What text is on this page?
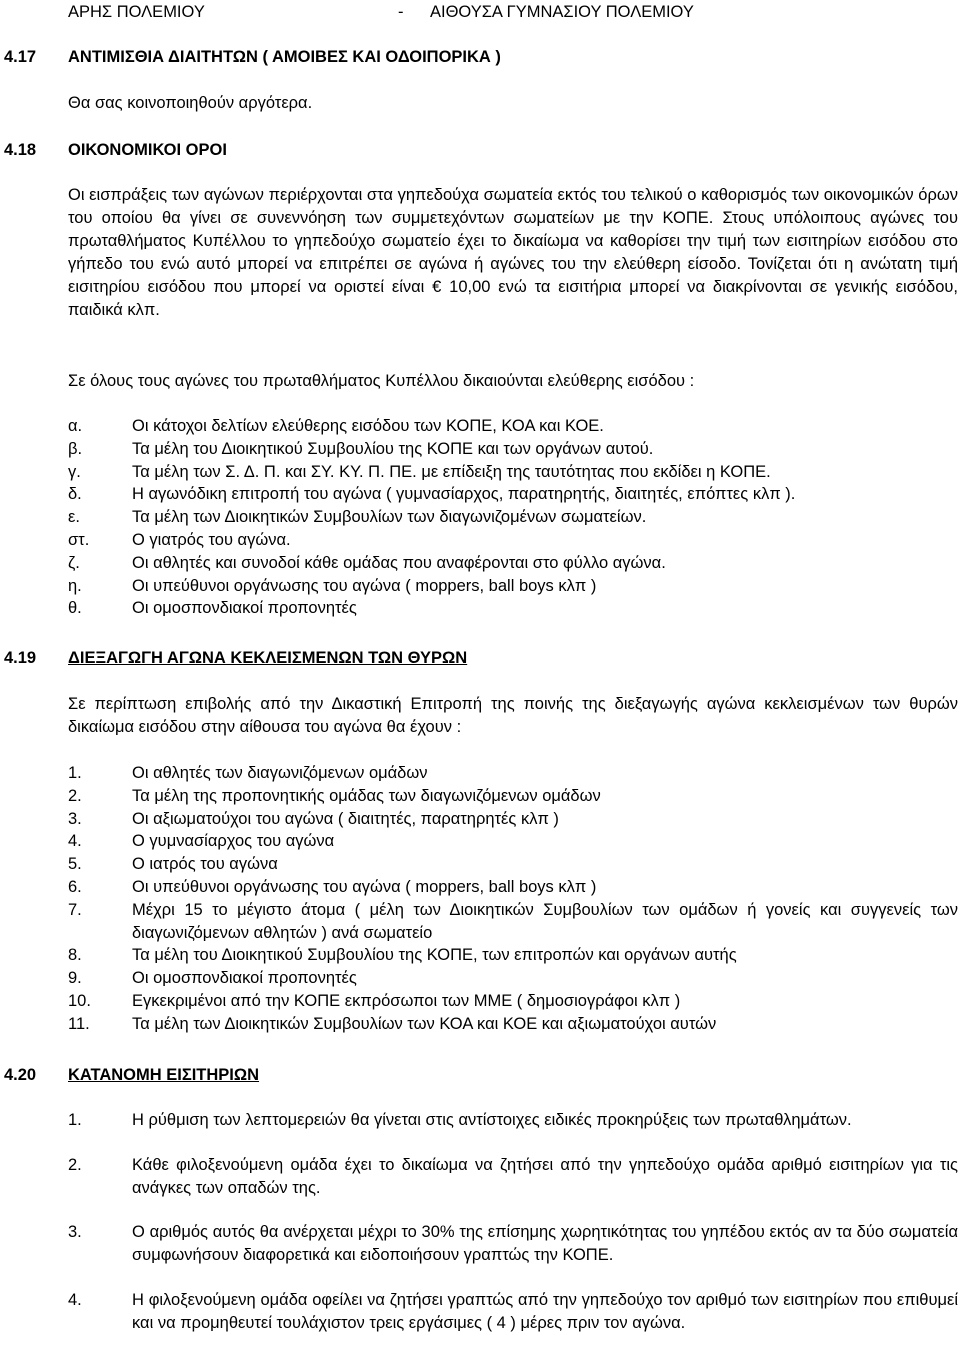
ΑΡΗΣ ΠΟΛΕΜΙΟΥ	- ΑΙΘΟΥΣΑ ΓΥΜΝΑΣΙΟΥ ΠΟΛΕΜΙΟΥ
4.17 ΑΝΤΙΜΙΣΘΙΑ ΔΙΑΙΤΗΤΩΝ ( ΑΜΟΙΒΕΣ ΚΑΙ ΟΔΟΙΠΟΡΙΚΑ )
Θα σας κοινοποιηθούν αργότερα.
4.18 ΟΙΚΟΝΟΜΙΚΟΙ ΟΡΟΙ
Οι εισπράξεις των αγώνων περιέρχονται στα γηπεδούχα σωματεία εκτός του τελικού ο καθορισμός των οικονομικών όρων του οποίου θα γίνει σε συνεννόηση των συμμετεχόντων σωματείων με την ΚΟΠΕ. Στους υπόλοιπους αγώνες του πρωταθλήματος Κυπέλλου το γηπεδούχο σωματείο έχει το δικαίωμα να καθορίσει την τιμή των εισιτηρίων εισόδου στο γήπεδο του ενώ αυτό μπορεί να επιτρέπει σε αγώνα ή αγώνες του την ελεύθερη είσοδο. Τονίζεται ότι η ανώτατη τιμή εισιτηρίου εισόδου που μπορεί να οριστεί είναι € 10,00 ενώ τα εισιτήρια μπορεί να διακρίνονται σε γενικής εισόδου, παιδικά κλπ.
Σε όλους τους αγώνες του πρωταθλήματος Κυπέλλου δικαιούνται ελεύθερης εισόδου :
α.	Οι κάτοχοι δελτίων ελεύθερης εισόδου των ΚΟΠΕ, ΚΟΑ και ΚΟΕ.
β.	Τα μέλη του Διοικητικού Συμβουλίου της ΚΟΠΕ και των οργάνων αυτού.
γ.	Τα μέλη των Σ. Δ. Π. και ΣΥ. ΚΥ. Π. ΠΕ. με επίδειξη της ταυτότητας που εκδίδει η ΚΟΠΕ.
δ.	Η αγωνόδικη επιτροπή του αγώνα ( γυμνασίαρχος, παρατηρητής, διαιτητές, επόπτες κλπ ).
ε.	Τα μέλη των Διοικητικών Συμβουλίων των διαγωνιζομένων σωματείων.
στ.	Ο γιατρός του αγώνα.
ζ.	Οι αθλητές και συνοδοί κάθε ομάδας που αναφέρονται στο φύλλο αγώνα.
η.	Οι υπεύθυνοι οργάνωσης του αγώνα ( moppers, ball boys κλπ )
θ.	Οι ομοσπονδιακοί προπονητές
4.19 ΔΙΕΞΑΓΩΓΗ ΑΓΩΝΑ ΚΕΚΛΕΙΣΜΕΝΩΝ ΤΩΝ ΘΥΡΩΝ
Σε περίπτωση επιβολής από την Δικαστική Επιτροπή της ποινής της διεξαγωγής αγώνα κεκλεισμένων των θυρών δικαίωμα εισόδου στην αίθουσα του αγώνα θα έχουν :
1.	Οι αθλητές των διαγωνιζόμενων ομάδων
2.	Τα μέλη της προπονητικής ομάδας των διαγωνιζόμενων ομάδων
3.	Οι αξιωματούχοι του αγώνα ( διαιτητές, παρατηρητές κλπ )
4.	Ο γυμνασίαρχος του αγώνα
5.	Ο ιατρός του αγώνα
6.	Οι υπεύθυνοι οργάνωσης του αγώνα ( moppers, ball boys κλπ )
7.	Μέχρι 15 το μέγιστο άτομα ( μέλη των Διοικητικών Συμβουλίων των ομάδων ή γονείς και συγγενείς των διαγωνιζόμενων αθλητών ) ανά σωματείο
8.	Τα μέλη του Διοικητικού Συμβουλίου της ΚΟΠΕ, των επιτροπών και οργάνων αυτής
9.	Οι ομοσπονδιακοί προπονητές
10. Εγκεκριμένοι από την ΚΟΠΕ εκπρόσωποι των ΜΜΕ ( δημοσιογράφοι κλπ )
11.	Τα μέλη των Διοικητικών Συμβουλίων των ΚΟΑ και ΚΟΕ και αξιωματούχοι αυτών
4.20 ΚΑΤΑΝΟΜΗ ΕΙΣΙΤΗΡΙΩΝ
1.	Η ρύθμιση των λεπτομερειών θα γίνεται στις αντίστοιχες ειδικές προκηρύξεις των πρωταθλημάτων.
2.	Κάθε φιλοξενούμενη ομάδα έχει το δικαίωμα να ζητήσει από την γηπεδούχο ομάδα αριθμό εισιτηρίων για τις ανάγκες των οπαδών της.
3.	Ο αριθμός αυτός θα ανέρχεται μέχρι το 30% της επίσημης χωρητικότητας του γηπέδου εκτός αν τα δύο σωματεία συμφωνήσουν διαφορετικά και ειδοποιήσουν γραπτώς την ΚΟΠΕ.
4.	Η φιλοξενούμενη ομάδα οφείλει να ζητήσει γραπτώς από την γηπεδούχο τον αριθμό των εισιτηρίων που επιθυμεί και να προμηθευτεί τουλάχιστον τρεις εργάσιμες ( 4 ) μέρες πριν τον αγώνα.
